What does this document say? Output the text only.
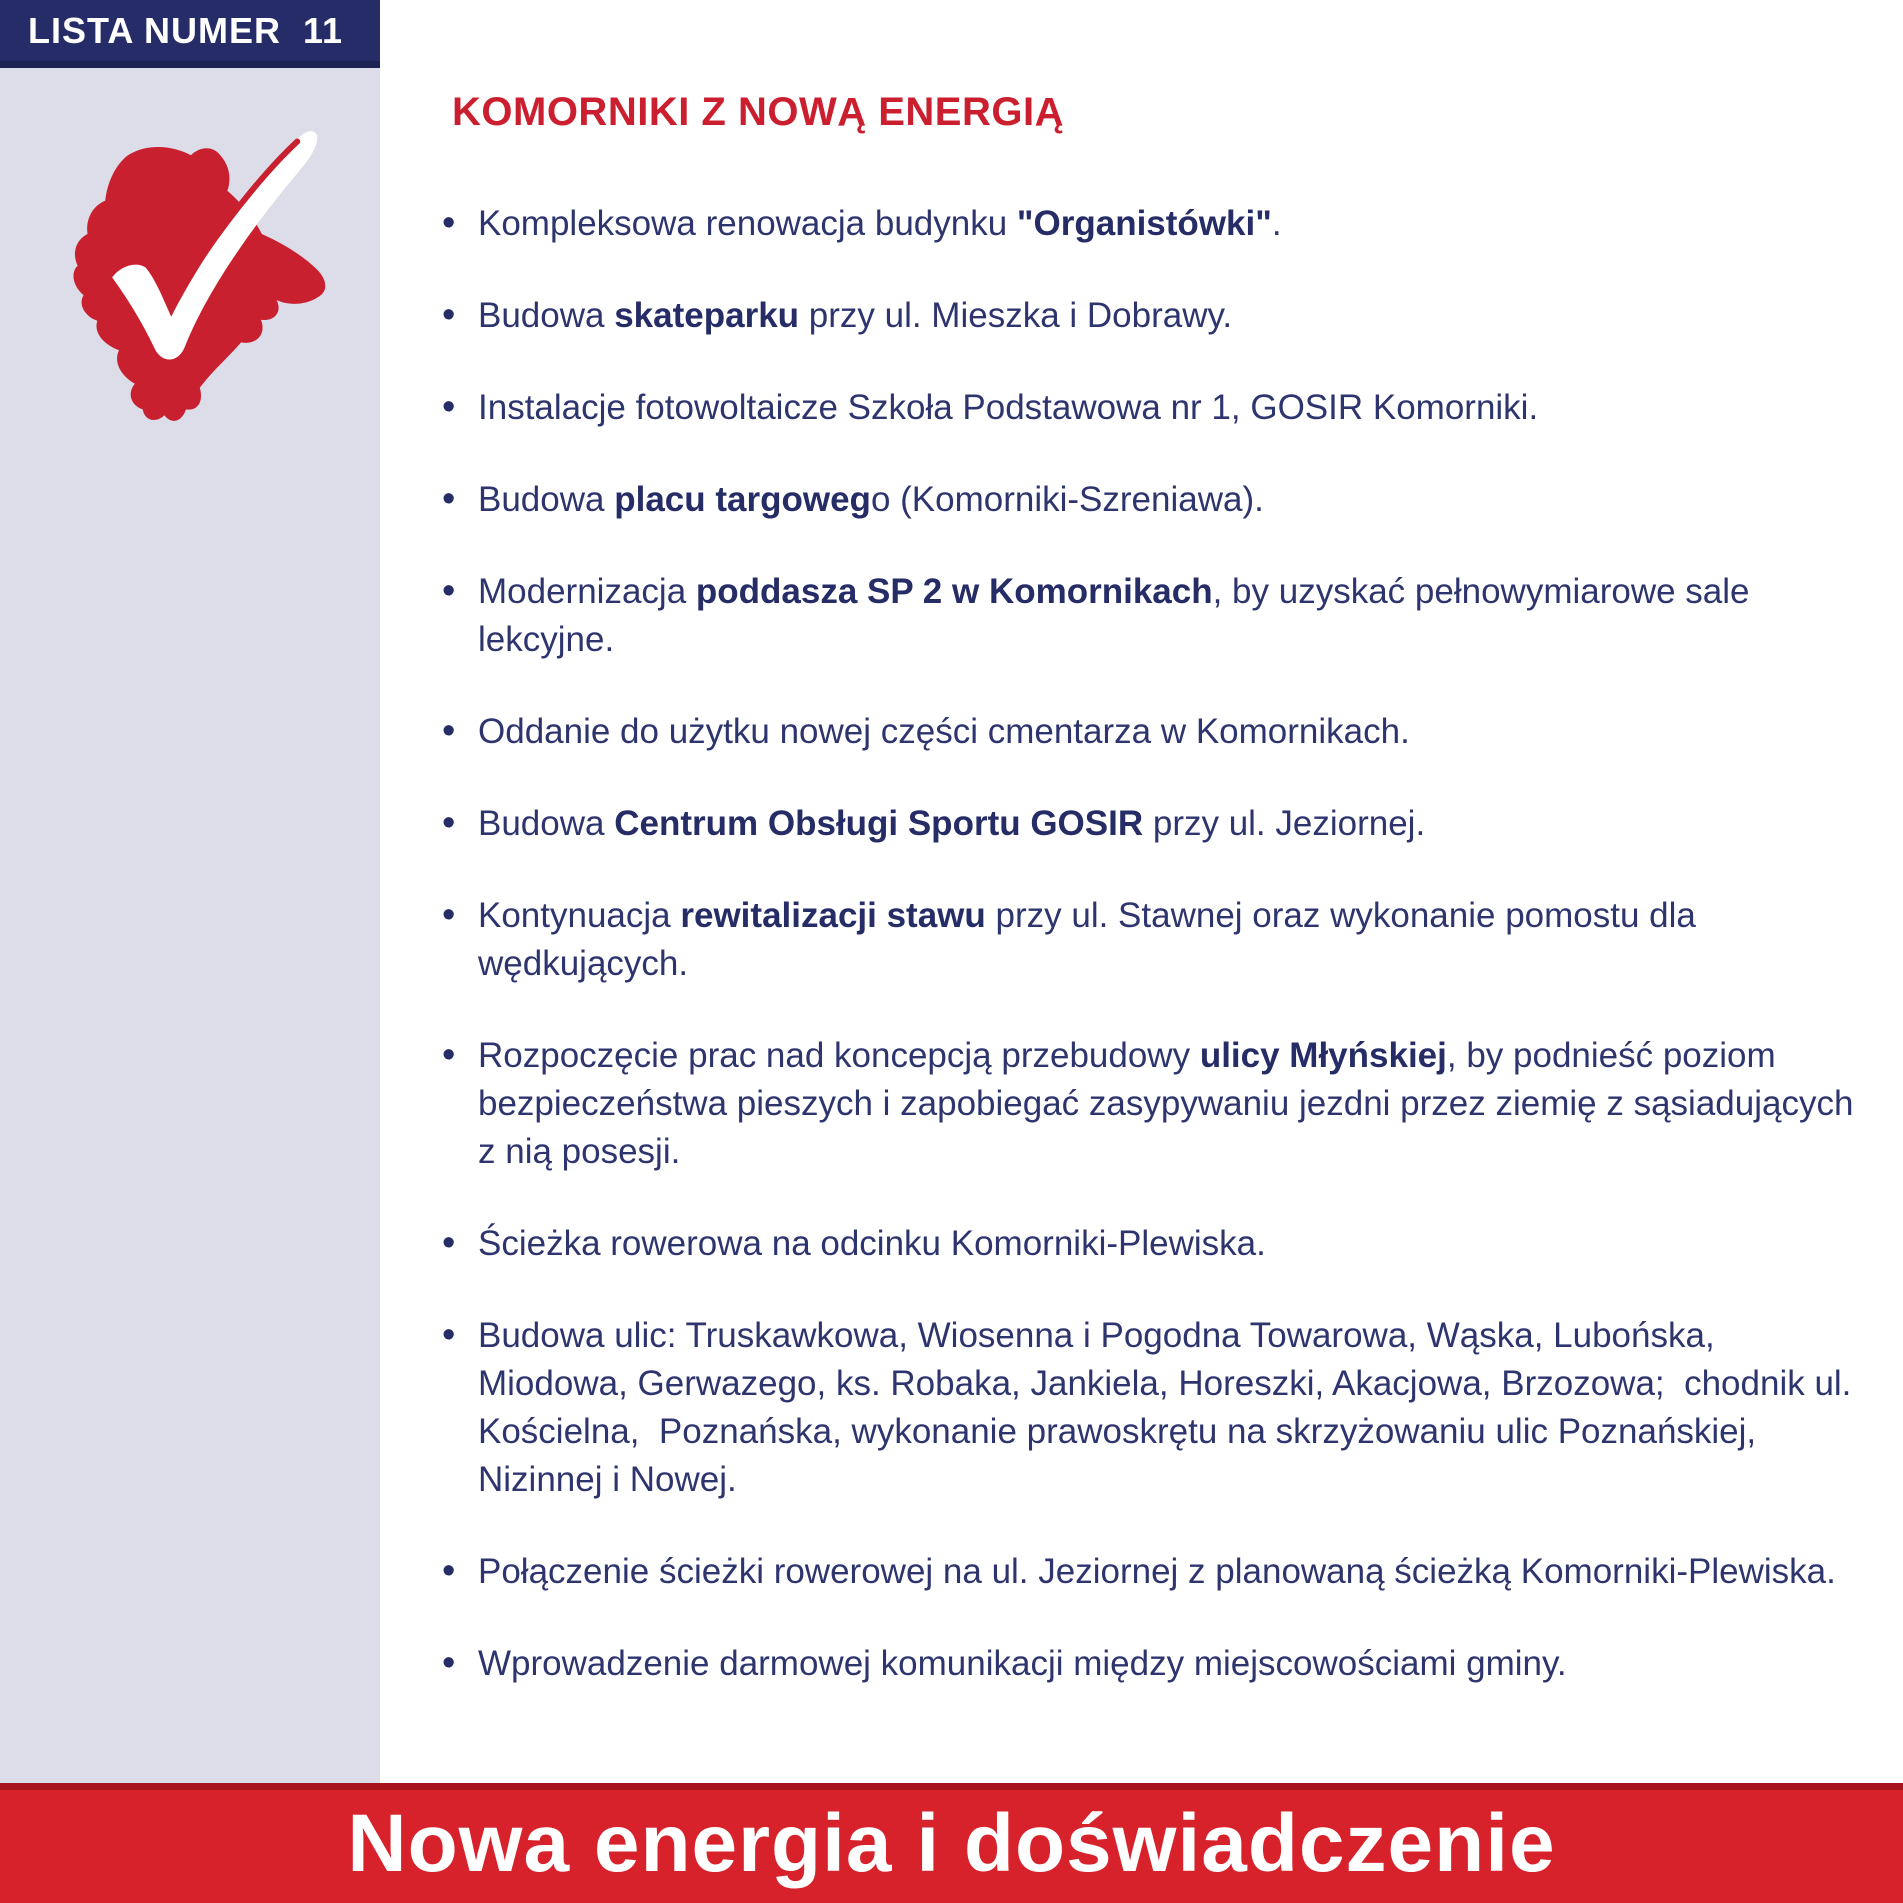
LISTA NUMER  11
KOMORNIKI Z NOWĄ ENERGIĄ
• Kompleksowa renowacja budynku "Organistówki".
• Budowa skateparku przy ul. Mieszka i Dobrawy.
• Instalacje fotowoltaicze Szkoła Podstawowa nr 1, GOSIR Komorniki.
• Budowa placu targowego (Komorniki-Szreniawa).
• Modernizacja poddasza SP 2 w Komornikach, by uzyskać pełnowymiarowe sale lekcyjne.
• Oddanie do użytku nowej części cmentarza w Komornikach.
• Budowa Centrum Obsługi Sportu GOSIR przy ul. Jeziornej.
• Kontynuacja rewitalizacji stawu przy ul. Stawnej oraz wykonanie pomostu dla wędkujących.
• Rozpoczęcie prac nad koncepcją przebudowy ulicy Młyńskiej, by podnieść poziom bezpieczeństwa pieszych i zapobiegać zasypywaniu jezdni przez ziemię z sąsiadujących z nią posesji.
• Ścieżka rowerowa na odcinku Komorniki-Plewiska.
• Budowa ulic: Truskawkowa, Wiosenna i Pogodna Towarowa, Wąska, Lubońska, Miodowa, Gerwazego, ks. Robaka, Jankiela, Horeszki, Akacjowa, Brzozowa;  chodnik ul. Kościelna,  Poznańska, wykonanie prawoskrętu na skrzyżowaniu ulic Poznańskiej, Nizinnej i Nowej.
• Połączenie ścieżki rowerowej na ul. Jeziornej z planowaną ścieżką Komorniki-Plewiska.
• Wprowadzenie darmowej komunikacji między miejscowościami gminy.
Nowa energia i doświadczenie
